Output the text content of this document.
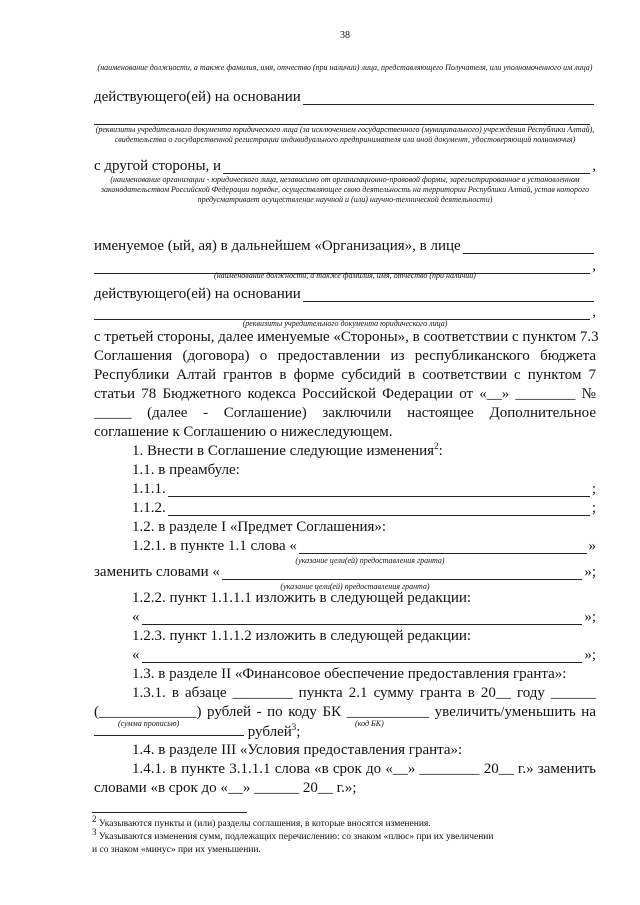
38
(наименование должности, а также фамилия, имя, отчество (при наличии) лица, представляющего Получателя, или уполномоченного им лица)
действующего(ей) на основании
(реквизиты учредительного документа юридического лица (за исключением государственного (муниципального) учреждения Республики Алтай), свидетельства о государственной регистрации индивидуального предпринимателя или иной документ, удостоверяющий полномочия)
с другой стороны, и	,
(наименование организации - юридического лица, независимо от организационно-правовой формы, зарегистрированное в установленном законодательством Российской Федерации порядке, осуществляющее свою деятельность на территории Республики Алтай, устав которого предусматривает осуществление научной и (или) научно-технической деятельности)
именуемое (ый, ая) в дальнейшем «Организация», в лице
,
(наименование должности, а также фамилия, имя, отчество (при наличии)
действующего(ей) на основании
,
(реквизиты учредительного документа юридического лица)
с третьей стороны, далее именуемые «Стороны», в соответствии с пунктом 7.3
Соглашения (договора) о предоставлении из республиканского бюджета
Республики Алтай грантов в форме субсидий в соответствии с пунктом 7
статьи 78 Бюджетного кодекса Российской Федерации от «__» ________ №
_____ (далее - Соглашение) заключили настоящее Дополнительное
соглашение к Соглашению о нижеследующем.
1. Внести в Соглашение следующие изменения$^2$:
1.1. в преамбуле:
1.1.1.	;
1.1.2.	;
1.2. в разделе I «Предмет Соглашения»:
1.2.1. в пункте 1.1 слова «	»
(указание цели(ей) предоставления гранта)
заменить словами «	»;
(указание цели(ей) предоставления гранта)
1.2.2. пункт 1.1.1.1 изложить в следующей редакции:
«	»;
1.2.3. пункт 1.1.1.2 изложить в следующей редакции:
«	»;
1.3. в разделе II «Финансовое обеспечение предоставления гранта»:
1.3.1. в абзаце ________ пункта 2.1 сумму гранта в 20__ году ______
(_____________) рублей - по коду БК ___________ увеличить/уменьшить на
(сумма прописью)	(код БК)
рублей$^3$;
1.4. в разделе III «Условия предоставления гранта»:
1.4.1. в пункте 3.1.1.1 слова «в срок до «__» ________ 20__ г.» заменить
словами «в срок до «__» ______ 20__ г.»;
$^2$ Указываются пункты и (или) разделы соглашения, в которые вносятся изменения.
$^3$ Указываются изменения сумм, подлежащих перечислению: со знаком «плюс» при их увеличении
и со знаком «минус» при их уменьшении.
